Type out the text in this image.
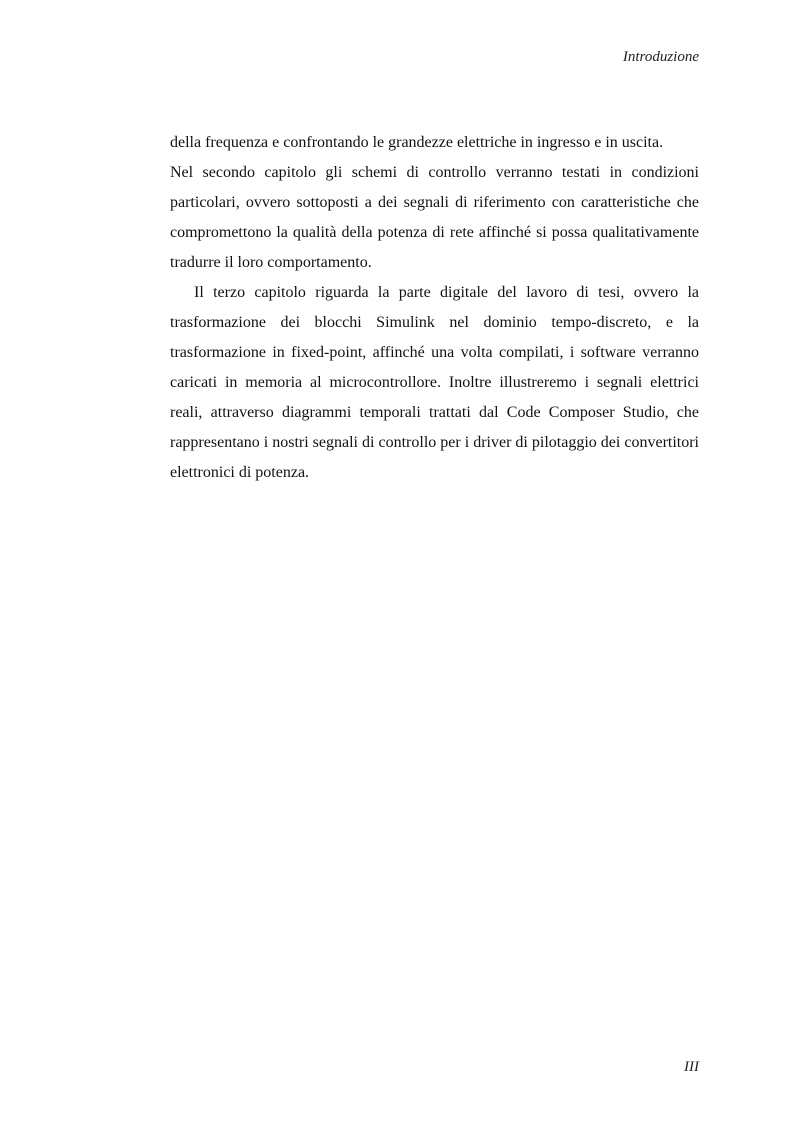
Introduzione

della frequenza e confrontando le grandezze elettriche in ingresso e in uscita.

Nel secondo capitolo gli schemi di controllo verranno testati in condizioni particolari, ovvero sottoposti a dei segnali di riferimento con caratteristiche che compromettono la qualità della potenza di rete affinché si possa qualitativamente tradurre il loro comportamento.

Il terzo capitolo riguarda la parte digitale del lavoro di tesi, ovvero la trasformazione dei blocchi Simulink nel dominio tempo-discreto, e la trasformazione in fixed-point, affinché una volta compilati, i software verranno caricati in memoria al microcontrollore. Inoltre illustreremo i segnali elettrici reali, attraverso diagrammi temporali trattati dal Code Composer Studio, che rappresentano i nostri segnali di controllo per i driver di pilotaggio dei convertitori elettronici di potenza.

III
